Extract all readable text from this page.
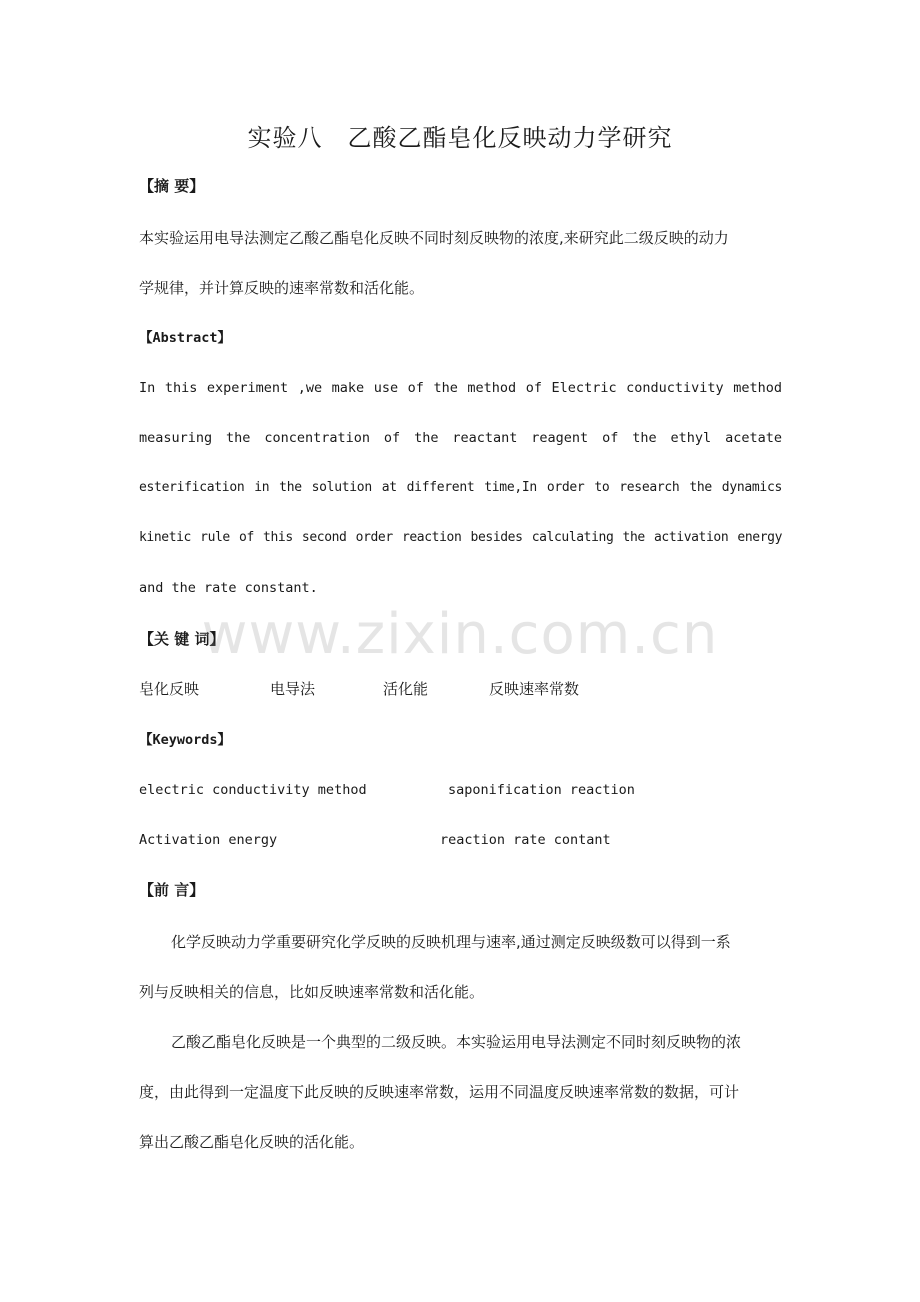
实验八　乙酸乙酯皂化反映动力学研究
【摘 要】
本实验运用电导法测定乙酸乙酯皂化反映不同时刻反映物的浓度,来研究此二级反映的动力
学规律，并计算反映的速率常数和活化能。
【Abstract】
In this experiment ,we make use of the method of Electric conductivity method
measuring the concentration of the reactant reagent of the ethyl acetate
esterification in the solution at different time,In order to research the dynamics
kinetic rule of this second order reaction besides calculating the activation energy
and the rate constant.
【关 键 词】
皂化反映	电导法	活化能	反映速率常数
【Keywords】
electric conductivity method	saponification reaction
Activation energy	reaction rate contant
【前 言】
化学反映动力学重要研究化学反映的反映机理与速率,通过测定反映级数可以得到一系
列与反映相关的信息，比如反映速率常数和活化能。
乙酸乙酯皂化反映是一个典型的二级反映。本实验运用电导法测定不同时刻反映物的浓
度，由此得到一定温度下此反映的反映速率常数，运用不同温度反映速率常数的数据，可计
算出乙酸乙酯皂化反映的活化能。
www.zixin.com.cn
